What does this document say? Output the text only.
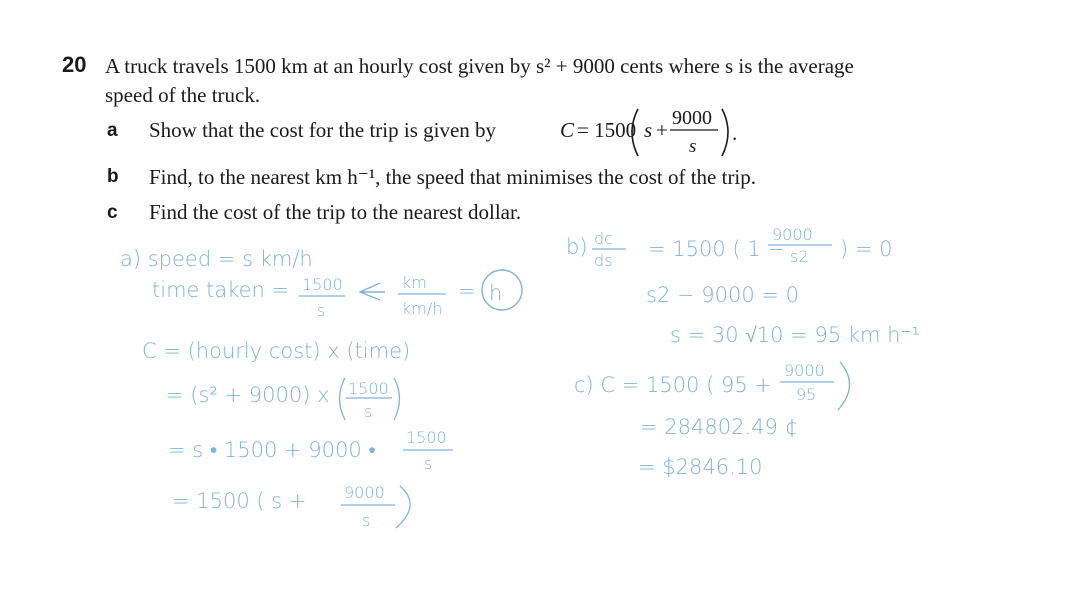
20 A truck travels 1500 km at an hourly cost given by s² + 9000 cents where s is the average
speed of the truck.
a Show that the cost for the trip is given by	C = 1500 s + 9000
s
.
b Find, to the nearest km h⁻¹, the speed that minimises the cost of the trip.
c Find the cost of the trip to the nearest dollar.
a) speed = s km/h
time taken = 1500
s
km
km/h
= h
C = (hourly cost) x (time)
= (s² + 9000) x 1500
s
= s • 1500 + 9000 •
1500
s
= 1500 ( s + 9000
s
b) dc
ds = 1500 ( 1 −
9000
s2 ) = 0
s2 − 9000 = 0
s = 30 √10 = 95 km h⁻¹
c) C = 1500 ( 95 +
9000
95
= 284802.49 ¢
= $2846.10
